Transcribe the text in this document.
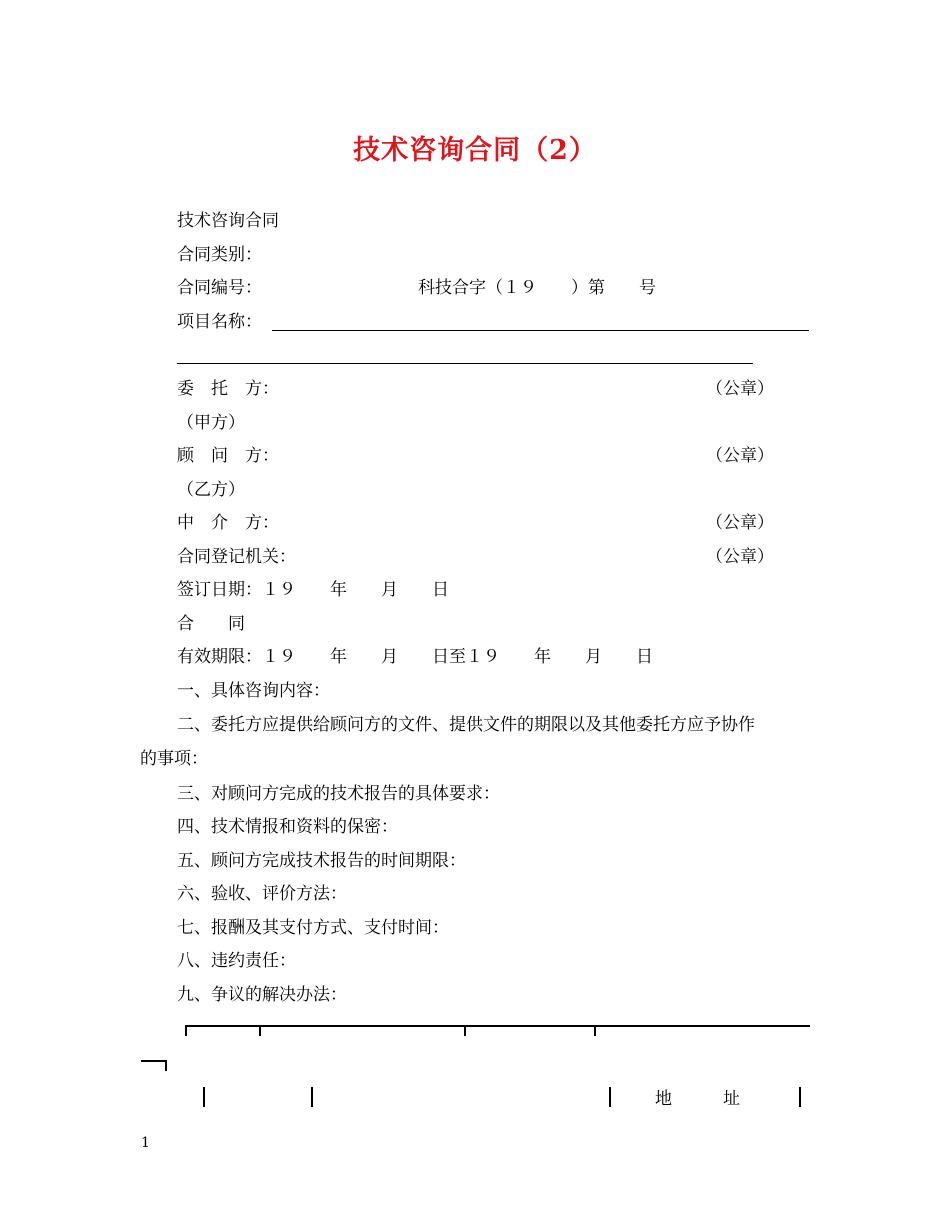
技术咨询合同（2）
技术咨询合同
合同类别：
合同编号：	科技合字（１９　　）第　　号
项目名称：
委　托　方：	（公章）
（甲方）
顾　问　方：	（公章）
（乙方）
中　介　方：	（公章）
合同登记机关：	（公章）
签订日期：１９　　年　　月　　日
合　　同
有效期限：１９　　年　　月　　日至１９　　年　　月　　日
一、具体咨询内容：
二、委托方应提供给顾问方的文件、提供文件的期限以及其他委托方应予协作
的事项：
三、对顾问方完成的技术报告的具体要求：
四、技术情报和资料的保密：
五、顾问方完成技术报告的时间期限：
六、验收、评价方法：
七、报酬及其支付方式、支付时间：
八、违约责任：
九、争议的解决办法：
地　　　址
1
